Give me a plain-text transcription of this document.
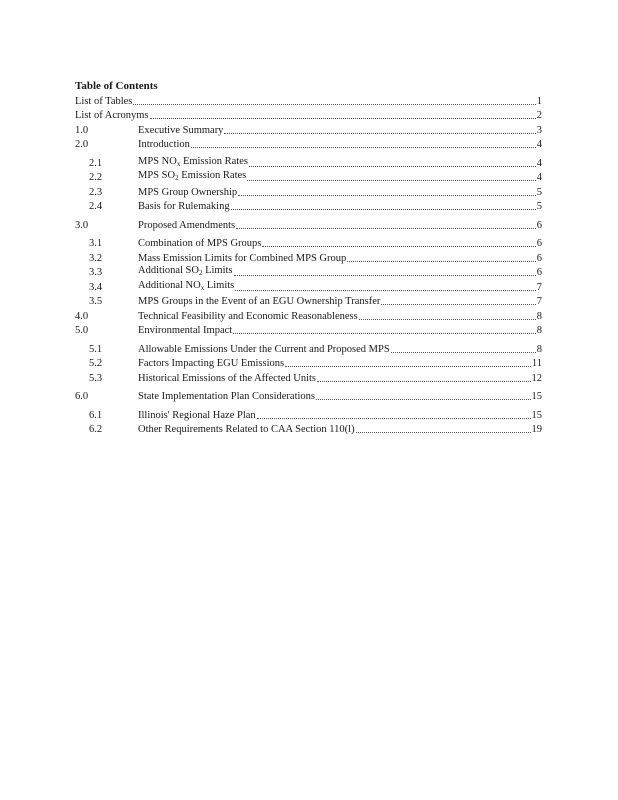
Table of Contents
List of Tables	1
List of Acronyms	2
1.0	Executive Summary	3
2.0	Introduction	4
2.1	MPS $NO_x$ Emission Rates	4
2.2	MPS $SO_2$ Emission Rates	4
2.3	MPS Group Ownership	5
2.4	Basis for Rulemaking	5
3.0	Proposed Amendments	6
3.1	Combination of MPS Groups	6
3.2	Mass Emission Limits for Combined MPS Group	6
3.3	Additional $SO_2$ Limits	6
3.4	Additional $NO_x$ Limits	7
3.5	MPS Groups in the Event of an EGU Ownership Transfer	7
4.0	Technical Feasibility and Economic Reasonableness	8
5.0	Environmental Impact	8
5.1	Allowable Emissions Under the Current and Proposed MPS	8
5.2	Factors Impacting EGU Emissions	11
5.3	Historical Emissions of the Affected Units	12
6.0	State Implementation Plan Considerations	15
6.1	Illinois' Regional Haze Plan	15
6.2	Other Requirements Related to CAA Section 110(l)	19
